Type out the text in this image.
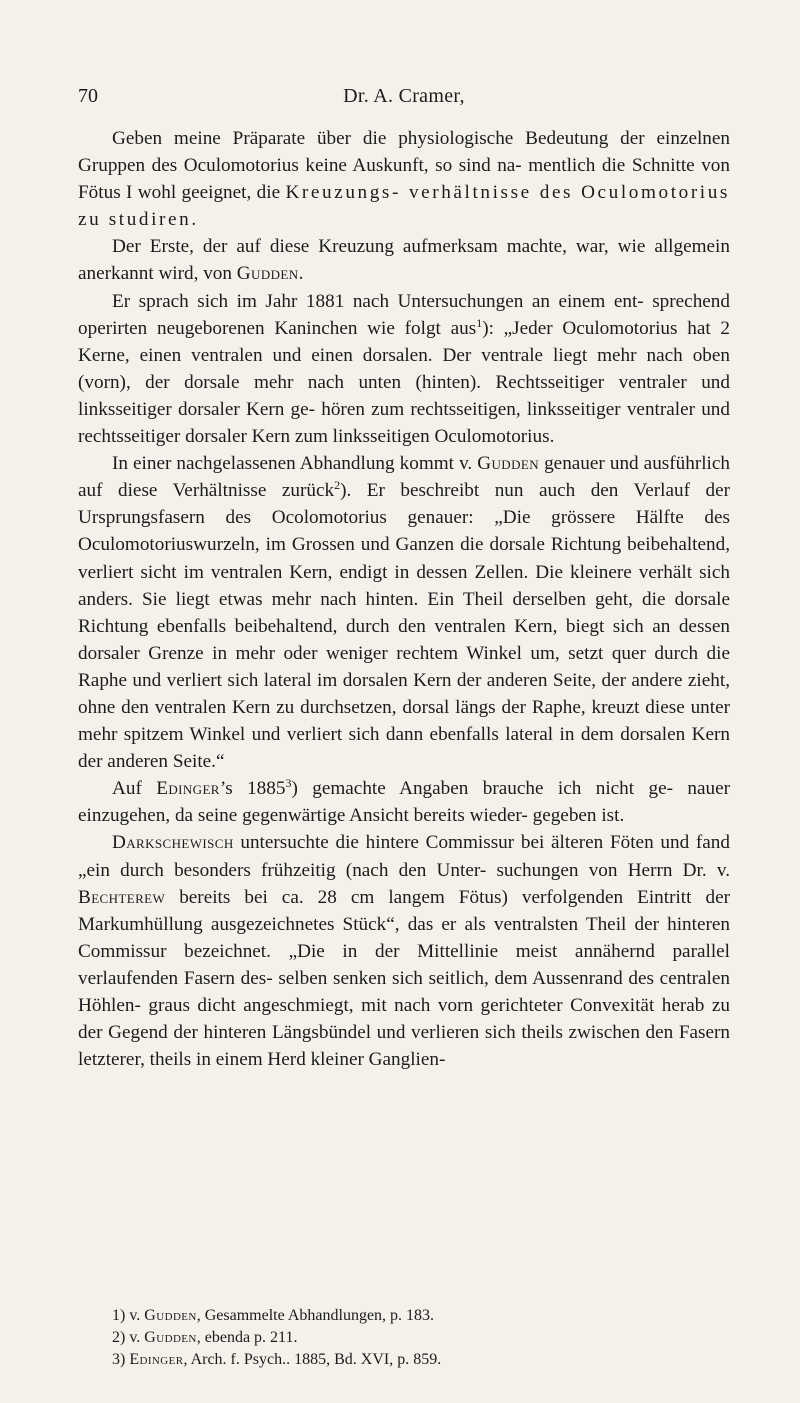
70	Dr. A. Cramer,

Geben meine Präparate über die physiologische Bedeutung der einzelnen Gruppen des Oculomotorius keine Auskunft, so sind na- mentlich die Schnitte von Fötus I wohl geeignet, die Kreuzungs- verhältnisse des Oculomotorius zu studiren.

Der Erste, der auf diese Kreuzung aufmerksam machte, war, wie allgemein anerkannt wird, von Gudden.

Er sprach sich im Jahr 1881 nach Untersuchungen an einem ent- sprechend operirten neugeborenen Kaninchen wie folgt aus$^1$): „Jeder Oculomotorius hat 2 Kerne, einen ventralen und einen dorsalen. Der ventrale liegt mehr nach oben (vorn), der dorsale mehr nach unten (hinten). Rechtsseitiger ventraler und linksseitiger dorsaler Kern ge- hören zum rechtsseitigen, linksseitiger ventraler und rechtsseitiger dorsaler Kern zum linksseitigen Oculomotorius.

In einer nachgelassenen Abhandlung kommt v. Gudden genauer und ausführlich auf diese Verhältnisse zurück$^2$). Er beschreibt nun auch den Verlauf der Ursprungsfasern des Ocolomotorius genauer: „Die grössere Hälfte des Oculomotoriuswurzeln, im Grossen und Ganzen die dorsale Richtung beibehaltend, verliert sicht im ventralen Kern, endigt in dessen Zellen. Die kleinere verhält sich anders. Sie liegt etwas mehr nach hinten. Ein Theil derselben geht, die dorsale Richtung ebenfalls beibehaltend, durch den ventralen Kern, biegt sich an dessen dorsaler Grenze in mehr oder weniger rechtem Winkel um, setzt quer durch die Raphe und verliert sich lateral im dorsalen Kern der anderen Seite, der andere zieht, ohne den ventralen Kern zu durchsetzen, dorsal längs der Raphe, kreuzt diese unter mehr spitzem Winkel und verliert sich dann ebenfalls lateral in dem dorsalen Kern der anderen Seite.“

Auf Edinger’s 1885$^3$) gemachte Angaben brauche ich nicht ge- nauer einzugehen, da seine gegenwärtige Ansicht bereits wieder- gegeben ist.

Darkschewisch untersuchte die hintere Commissur bei älteren Föten und fand „ein durch besonders frühzeitig (nach den Unter- suchungen von Herrn Dr. v. Bechterew bereits bei ca. 28 cm langem Fötus) verfolgenden Eintritt der Markumhüllung ausgezeichnetes Stück“, das er als ventralsten Theil der hinteren Commissur bezeichnet. „Die in der Mittellinie meist annähernd parallel verlaufenden Fasern des- selben senken sich seitlich, dem Aussenrand des centralen Höhlen- graus dicht angeschmiegt, mit nach vorn gerichteter Convexität herab zu der Gegend der hinteren Längsbündel und verlieren sich theils zwischen den Fasern letzterer, theils in einem Herd kleiner Ganglien-

1) v. Gudden, Gesammelte Abhandlungen, p. 183.
2) v. Gudden, ebenda p. 211.
3) Edinger, Arch. f. Psych.. 1885, Bd. XVI, p. 859.
